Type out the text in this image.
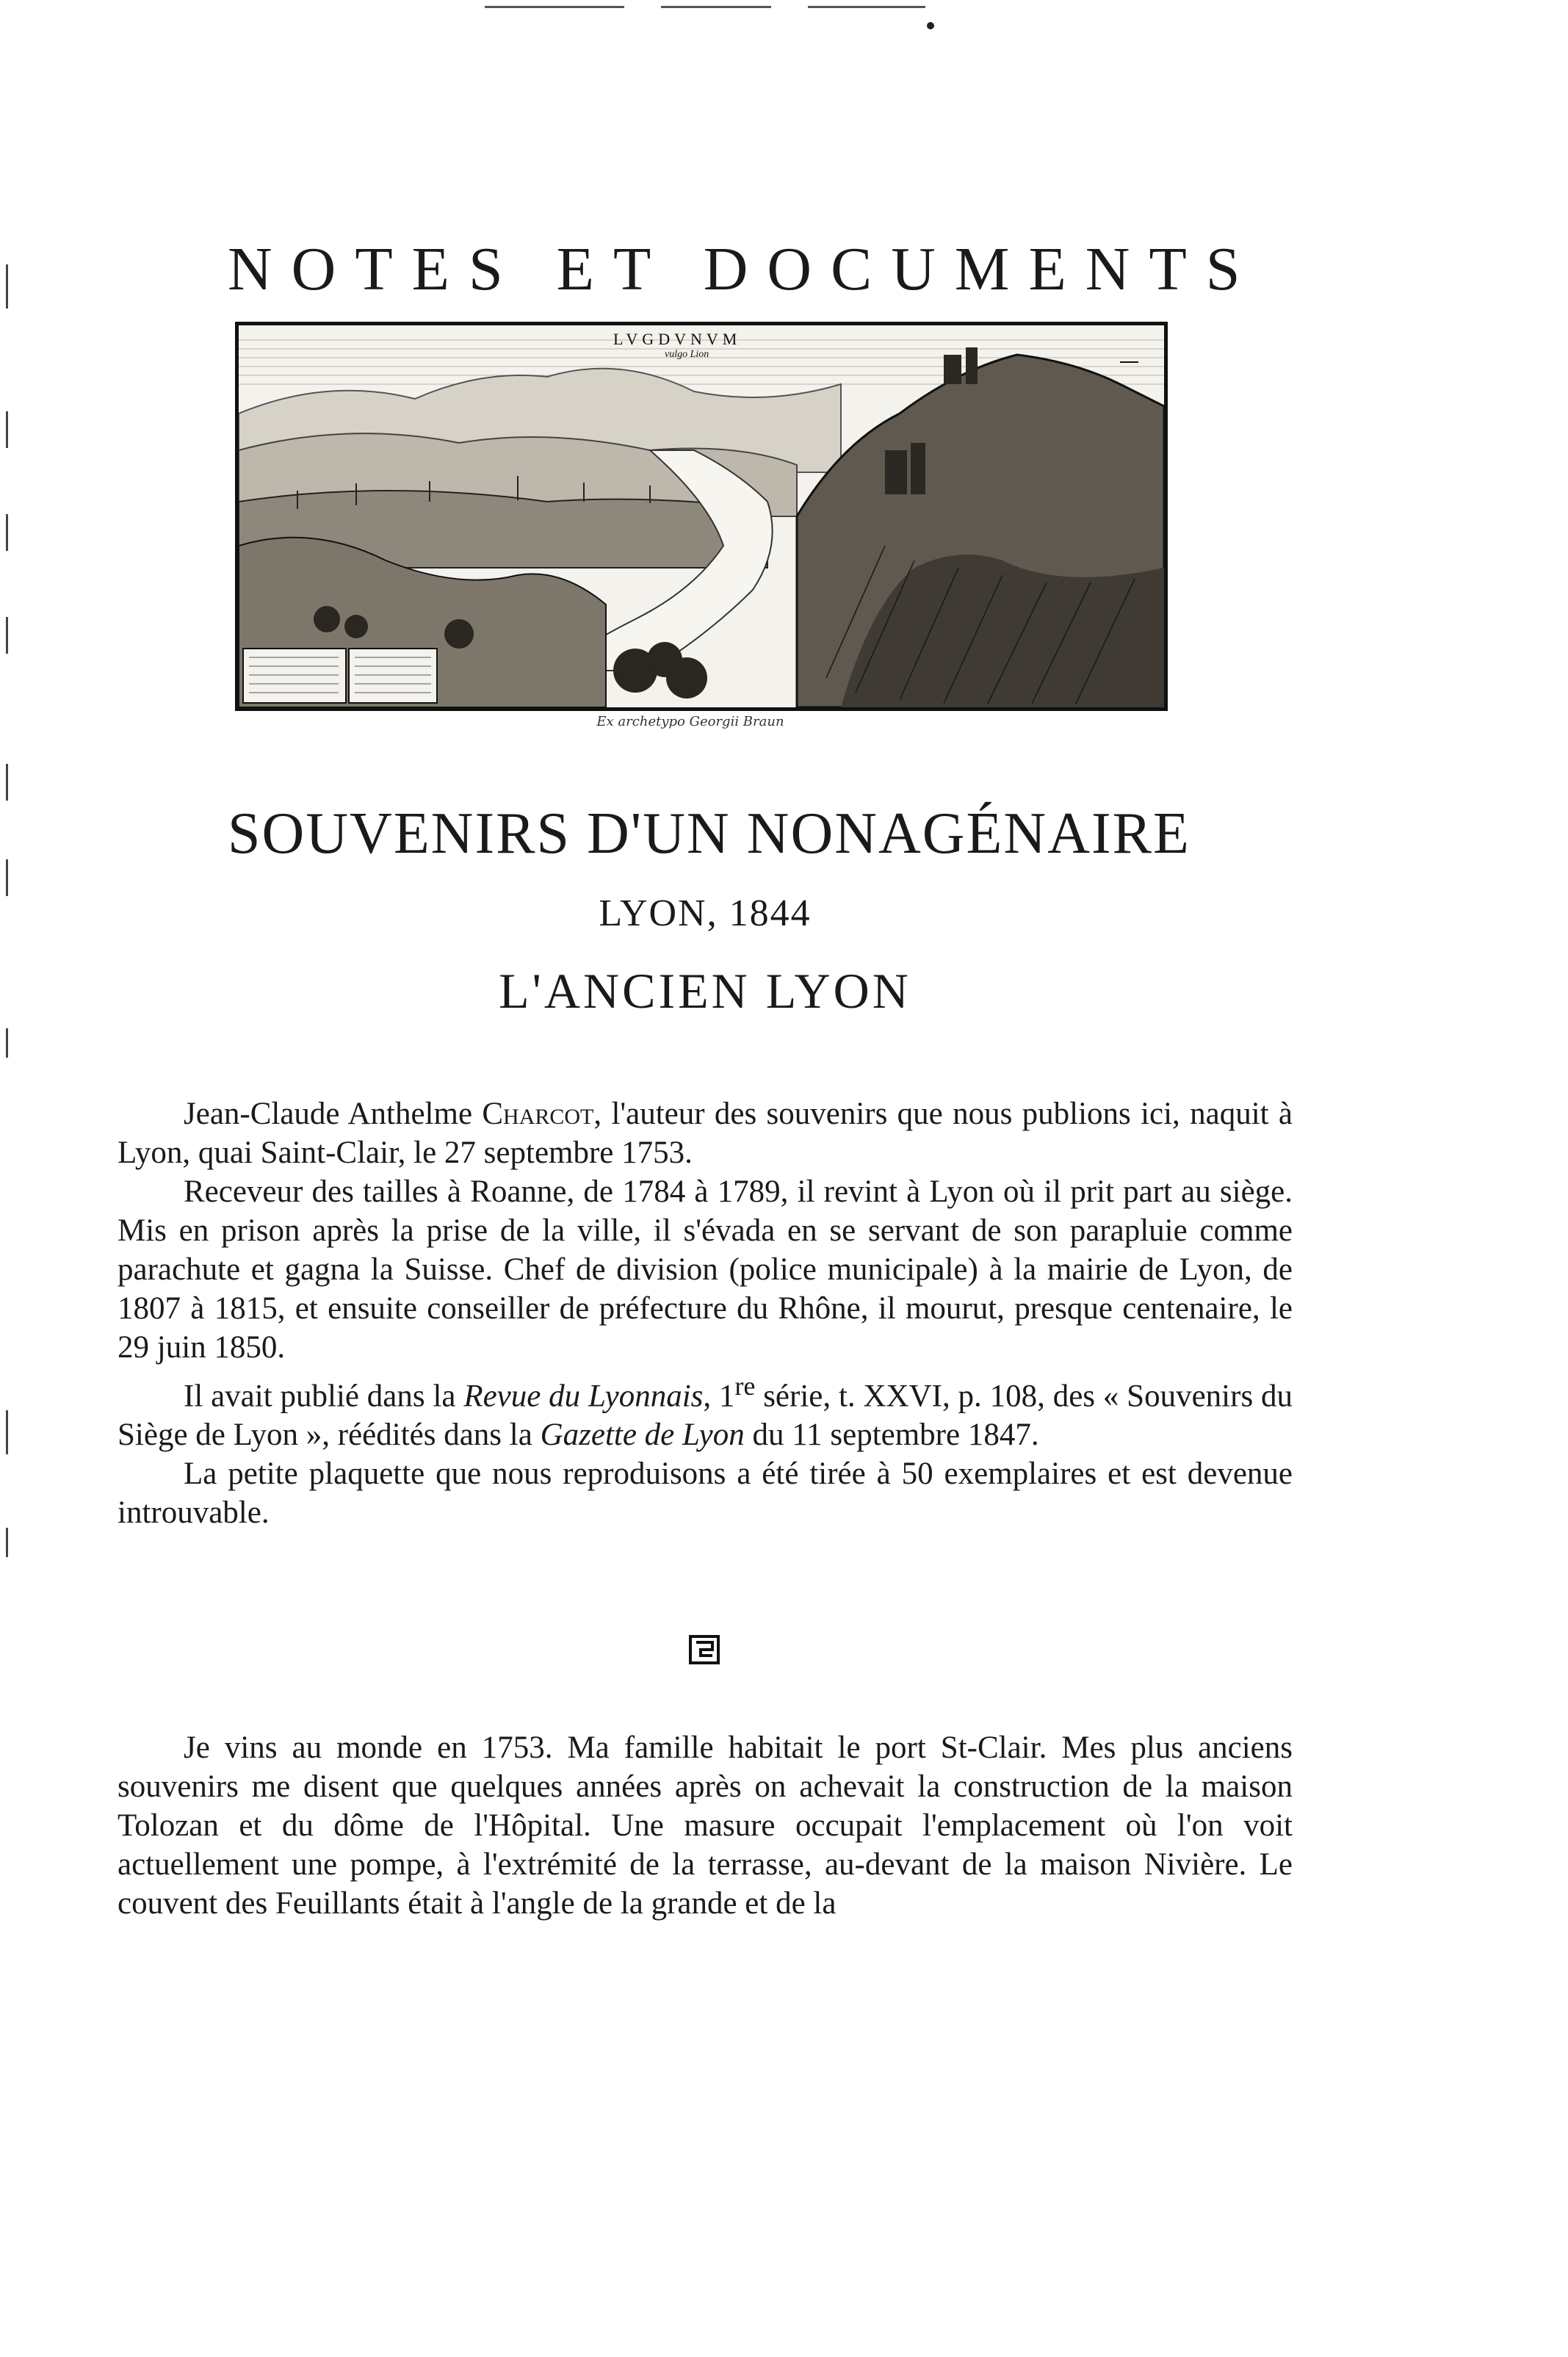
NOTES ET DOCUMENTS
LVGDVNVM
vulgo Lion
Ex archetypo Georgii Braun
SOUVENIRS D'UN NONAGÉNAIRE
LYON, 1844
L'ANCIEN LYON

Jean-Claude Anthelme Charcot, l'auteur des souvenirs que nous publions ici, naquit à Lyon, quai Saint-Clair, le 27 septembre 1753.

Receveur des tailles à Roanne, de 1784 à 1789, il revint à Lyon où il prit part au siège. Mis en prison après la prise de la ville, il s'évada en se servant de son parapluie comme parachute et gagna la Suisse. Chef de division (police municipale) à la mairie de Lyon, de 1807 à 1815, et ensuite conseiller de préfecture du Rhône, il mourut, presque centenaire, le 29 juin 1850.

Il avait publié dans la Revue du Lyonnais, 1re série, t. XXVI, p. 108, des « Souvenirs du Siège de Lyon », réédités dans la Gazette de Lyon du 11 septembre 1847.

La petite plaquette que nous reproduisons a été tirée à 50 exemplaires et est devenue introuvable.

Je vins au monde en 1753. Ma famille habitait le port St-Clair. Mes plus anciens souvenirs me disent que quelques années après on achevait la construction de la maison Tolozan et du dôme de l'Hôpital. Une masure occupait l'emplacement où l'on voit actuellement une pompe, à l'extrémité de la terrasse, au-devant de la maison Nivière. Le couvent des Feuillants était à l'angle de la grande et de la
